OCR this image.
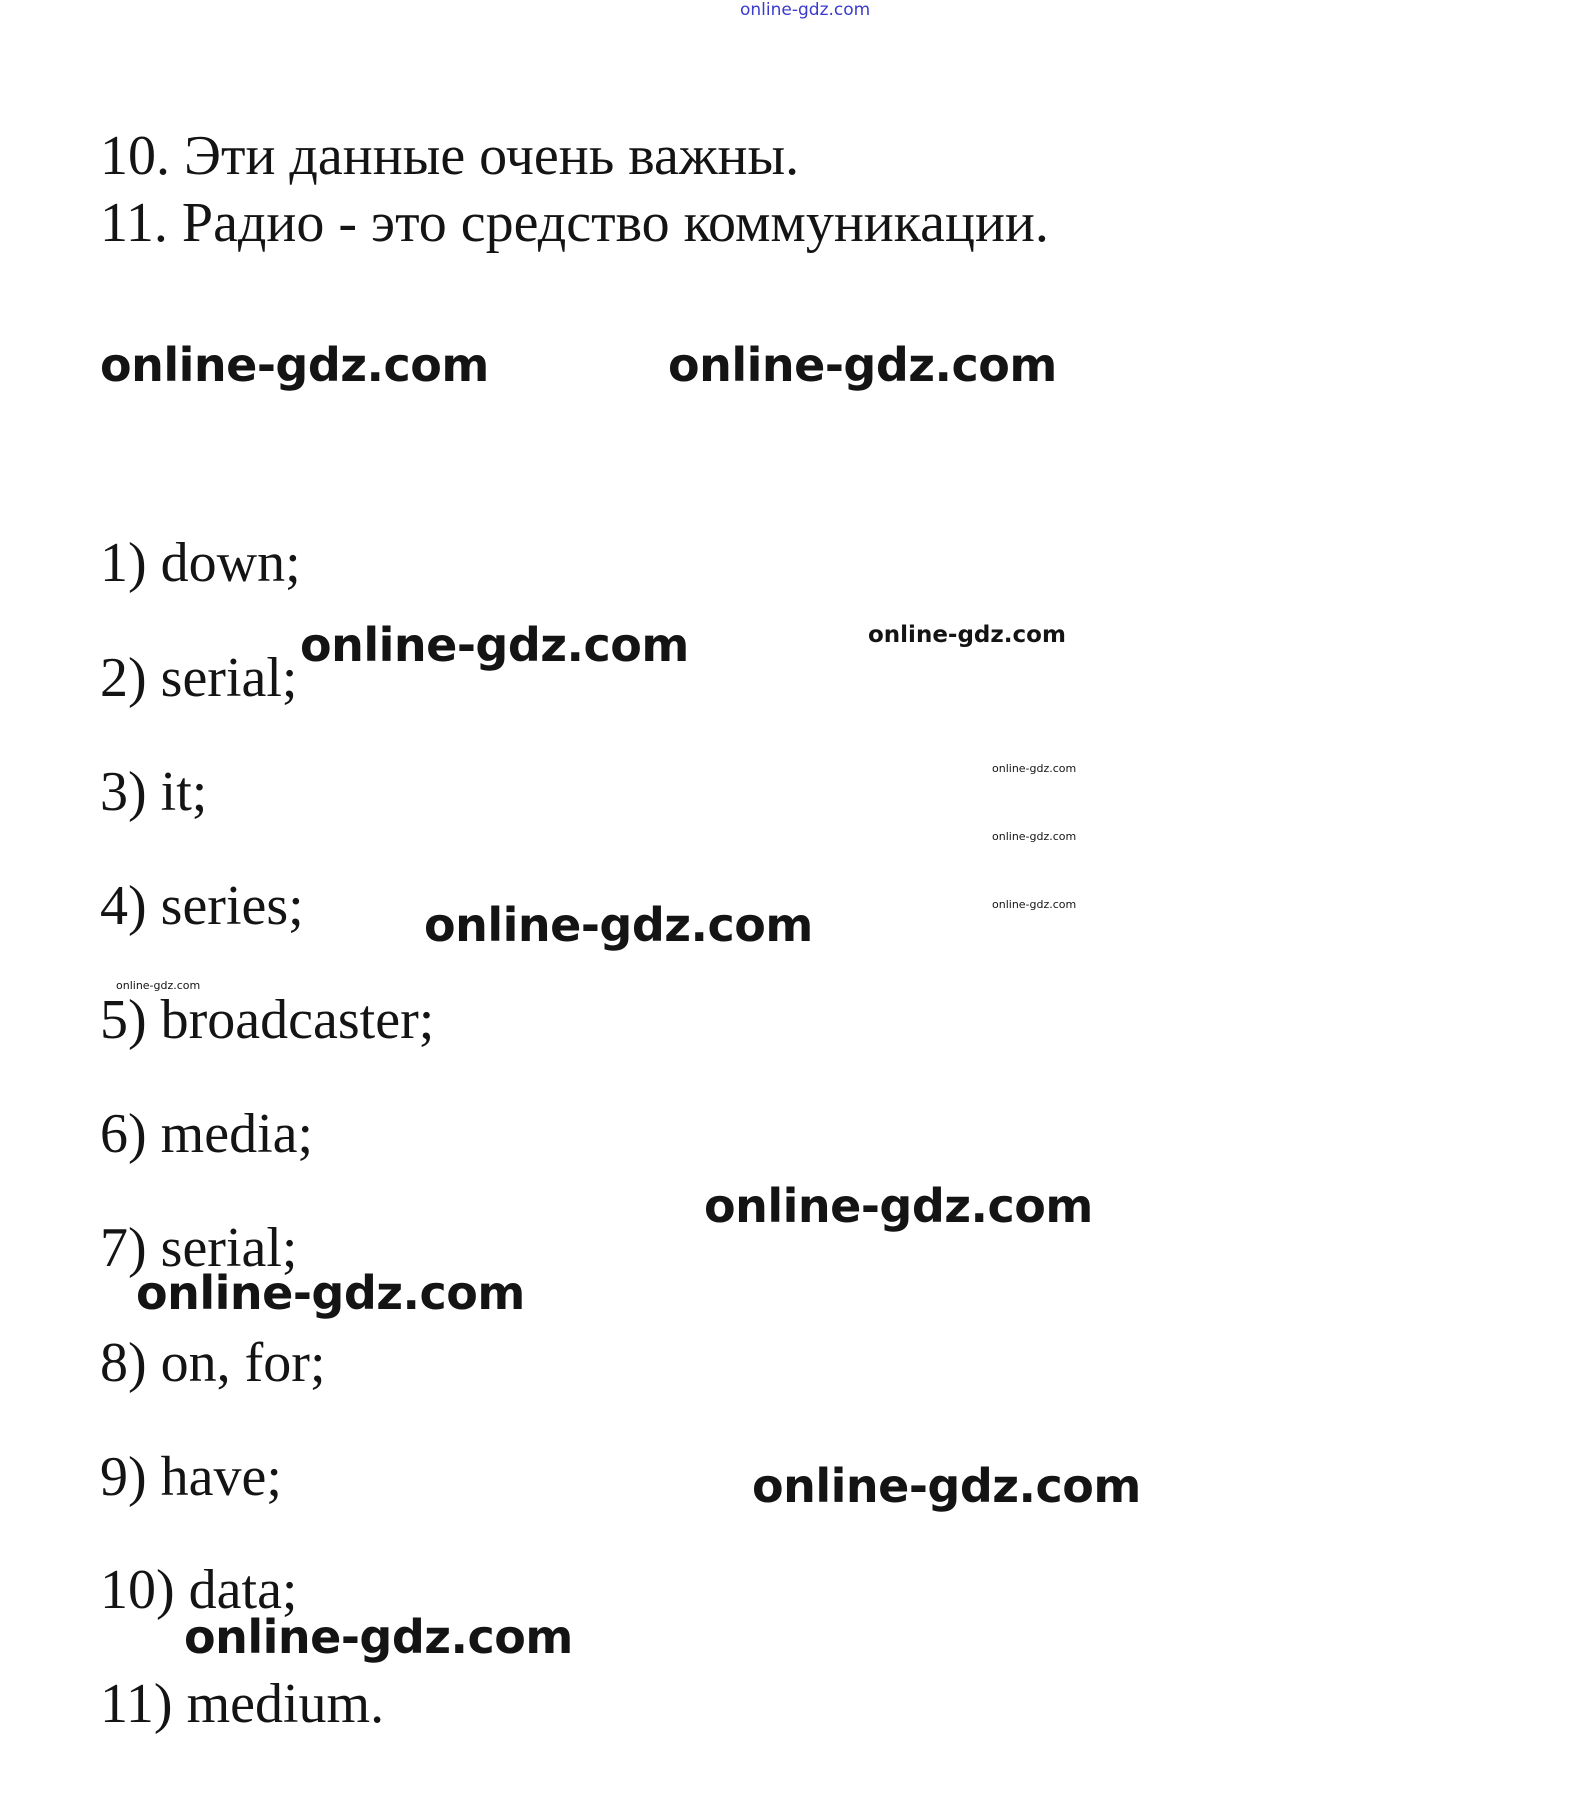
online-gdz.com
10. Эти данные очень важны.
11. Радио - это средство коммуникации.
online-gdz.com	online-gdz.com
1) down;
2) serial;
3) it;
4) series;
5) broadcaster;
6) media;
7) serial;
8) on, for;
9) have;
10) data;
11) medium.
online-gdz.com	online-gdz.com
online-gdz.com
online-gdz.com
online-gdz.com
online-gdz.com
online-gdz.com
online-gdz.com
online-gdz.com
online-gdz.com
online-gdz.com
